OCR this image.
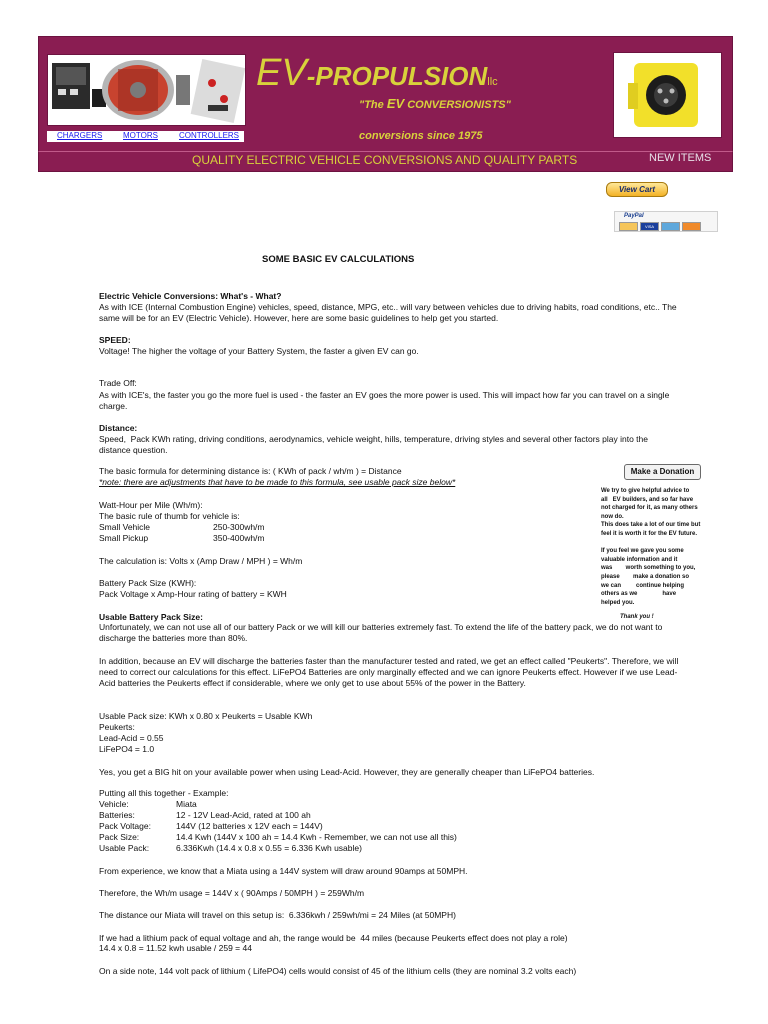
EV-PROPULSIONllc
"The EV CONVERSIONISTS"
conversions since 1975
CHARGERS	MOTORS	CONTROLLERS
QUALITY ELECTRIC VEHICLE CONVERSIONS AND QUALITY PARTS	NEW ITEMS
View Cart
PayPal
VISA
SOME BASIC EV CALCULATIONS
Electric Vehicle Conversions: What's - What?
As with ICE (Internal Combustion Engine) vehicles, speed, distance, MPG, etc.. will vary between vehicles due to driving habits, road conditions, etc.. The same will be for an EV (Electric Vehicle). However, here are some basic guidelines to help get you started.
SPEED:
Voltage! The higher the voltage of your Battery System, the faster a given EV can go.
Trade Off:
As with ICE's, the faster you go the more fuel is used - the faster an EV goes the more power is used. This will impact how far you can travel on a single charge.
Distance:
Speed,  Pack KWh rating, driving conditions, aerodynamics, vehicle weight, hills, temperature, driving styles and several other factors play into the distance question.
The basic formula for determining distance is: ( KWh of pack / wh/m ) = Distance
*note: there are adjustments that have to be made to this formula, see usable pack size below*
Watt-Hour per Mile (Wh/m):
The basic rule of thumb for vehicle is:
Small Vehicle	250-300wh/m
Small Pickup	350-400wh/m
The calculation is: Volts x (Amp Draw / MPH ) = Wh/m
Battery Pack Size (KWH):
Pack Voltage x Amp-Hour rating of battery = KWH
Usable Battery Pack Size:
Unfortunately, we can not use all of our battery Pack or we will kill our batteries extremely fast. To extend the life of the battery pack, we do not want to discharge the batteries more than 80%.
In addition, because an EV will discharge the batteries faster than the manufacturer tested and rated, we get an effect called "Peukerts". Therefore, we will need to correct our calculations for this effect. LiFePO4 Batteries are only marginally effected and we can ignore Peukerts effect. However if we use Lead-Acid batteries the Peukerts effect if considerable, where we only get to use about 55% of the power in the Battery.
Usable Pack size: KWh x 0.80 x Peukerts = Usable KWh
Peukerts:
Lead-Acid = 0.55
LiFePO4 = 1.0
Yes, you get a BIG hit on your available power when using Lead-Acid. However, they are generally cheaper than LiFePO4 batteries.
Putting all this together - Example:
Vehicle:	Miata
Batteries:	12 - 12V Lead-Acid, rated at 100 ah
Pack Voltage:	144V (12 batteries x 12V each = 144V)
Pack Size:	14.4 Kwh (144V x 100 ah = 14.4 Kwh - Remember, we can not use all this)
Usable Pack:	6.336Kwh (14.4 x 0.8 x 0.55 = 6.336 Kwh usable)
From experience, we know that a Miata using a 144V system will draw around 90amps at 50MPH.
Therefore, the Wh/m usage = 144V x ( 90Amps / 50MPH ) = 259Wh/m
The distance our Miata will travel on this setup is:  6.336kwh / 259wh/mi = 24 Miles (at 50MPH)
If we had a lithium pack of equal voltage and ah, the range would be  44 miles (because Peukerts effect does not play a role)
14.4 x 0.8 = 11.52 kwh usable / 259 = 44
On a side note, 144 volt pack of lithium ( LifePO4) cells would consist of 45 of the lithium cells (they are nominal 3.2 volts each)
Make a Donation
We try to give helpful advice to
all   EV builders, and so far have
not charged for it, as many others
now do.
This does take a lot of our time but
feel it is worth it for the EV future.

If you feel we gave you some
valuable information and it
was        worth something to you,
please        make a donation so
we can         continue helping
others as we               have
helped you.
Thank you !
